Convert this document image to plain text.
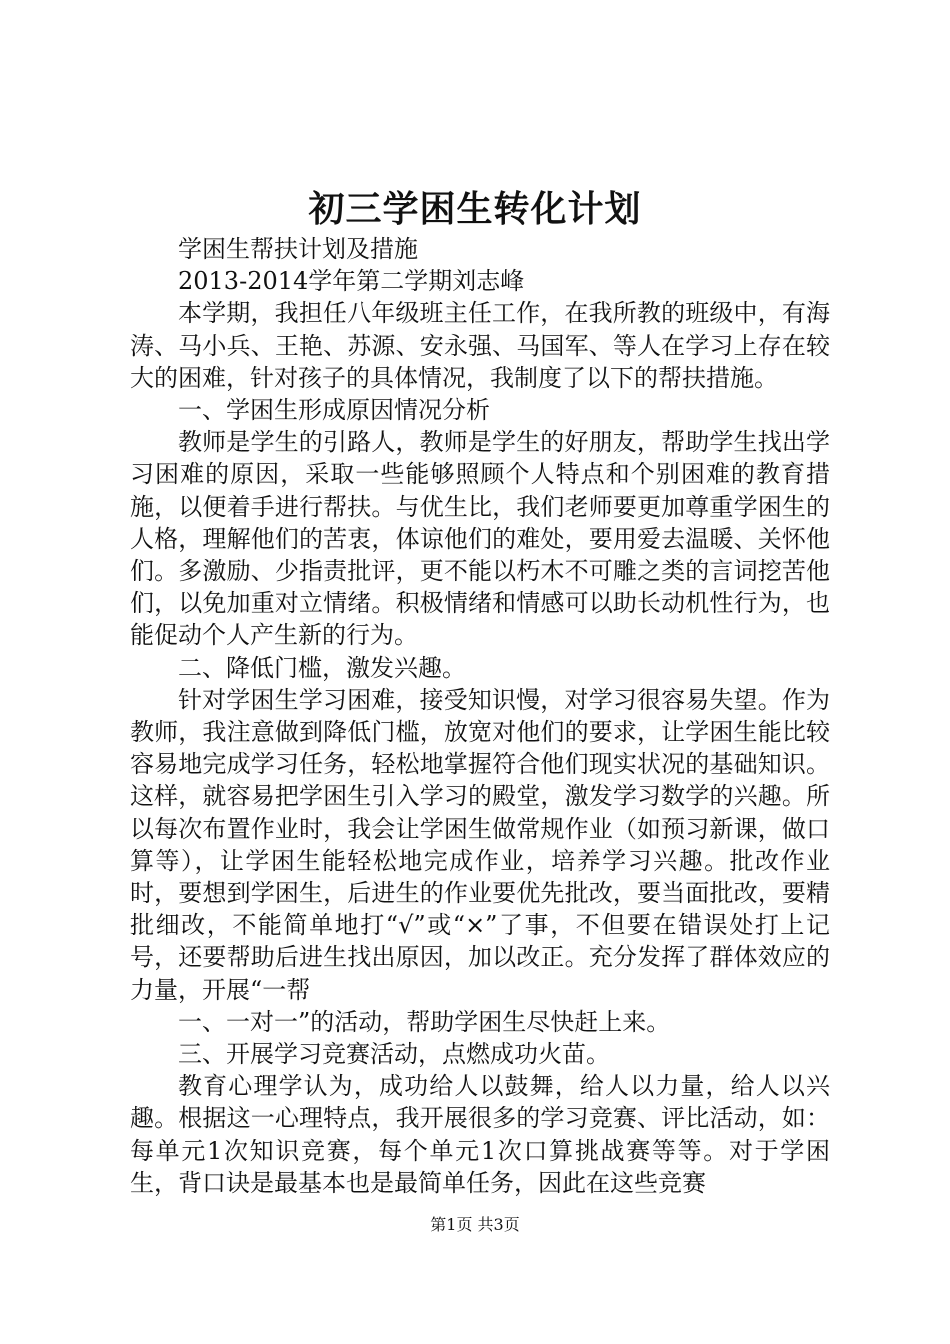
初三学困生转化计划

学困生帮扶计划及措施

2013-2014学年第二学期刘志峰

本学期，我担任八年级班主任工作，在我所教的班级中，有海涛、马小兵、王艳、苏源、安永强、马国军、等人在学习上存在较大的困难，针对孩子的具体情况，我制度了以下的帮扶措施。

一、学困生形成原因情况分析

教师是学生的引路人，教师是学生的好朋友，帮助学生找出学习困难的原因，采取一些能够照顾个人特点和个别困难的教育措施，以便着手进行帮扶。与优生比，我们老师要更加尊重学困生的人格，理解他们的苦衷，体谅他们的难处，要用爱去温暖、关怀他们。多激励、少指责批评，更不能以朽木不可雕之类的言词挖苦他们，以免加重对立情绪。积极情绪和情感可以助长动机性行为，也能促动个人产生新的行为。

二、降低门槛，激发兴趣。

针对学困生学习困难，接受知识慢，对学习很容易失望。作为教师，我注意做到降低门槛，放宽对他们的要求，让学困生能比较容易地完成学习任务，轻松地掌握符合他们现实状况的基础知识。这样，就容易把学困生引入学习的殿堂，激发学习数学的兴趣。所以每次布置作业时，我会让学困生做常规作业（如预习新课，做口算等），让学困生能轻松地完成作业，培养学习兴趣。批改作业时，要想到学困生，后进生的作业要优先批改，要当面批改，要精批细改，不能简单地打“√”或“×”了事，不但要在错误处打上记号，还要帮助后进生找出原因，加以改正。充分发挥了群体效应的力量，开展“一帮

一、一对一”的活动，帮助学困生尽快赶上来。

三、开展学习竞赛活动，点燃成功火苗。

教育心理学认为，成功给人以鼓舞，给人以力量，给人以兴趣。根据这一心理特点，我开展很多的学习竞赛、评比活动，如：每单元1次知识竞赛，每个单元1次口算挑战赛等等。对于学困生，背口诀是最基本也是最简单任务，因此在这些竞赛

第1页 共3页
